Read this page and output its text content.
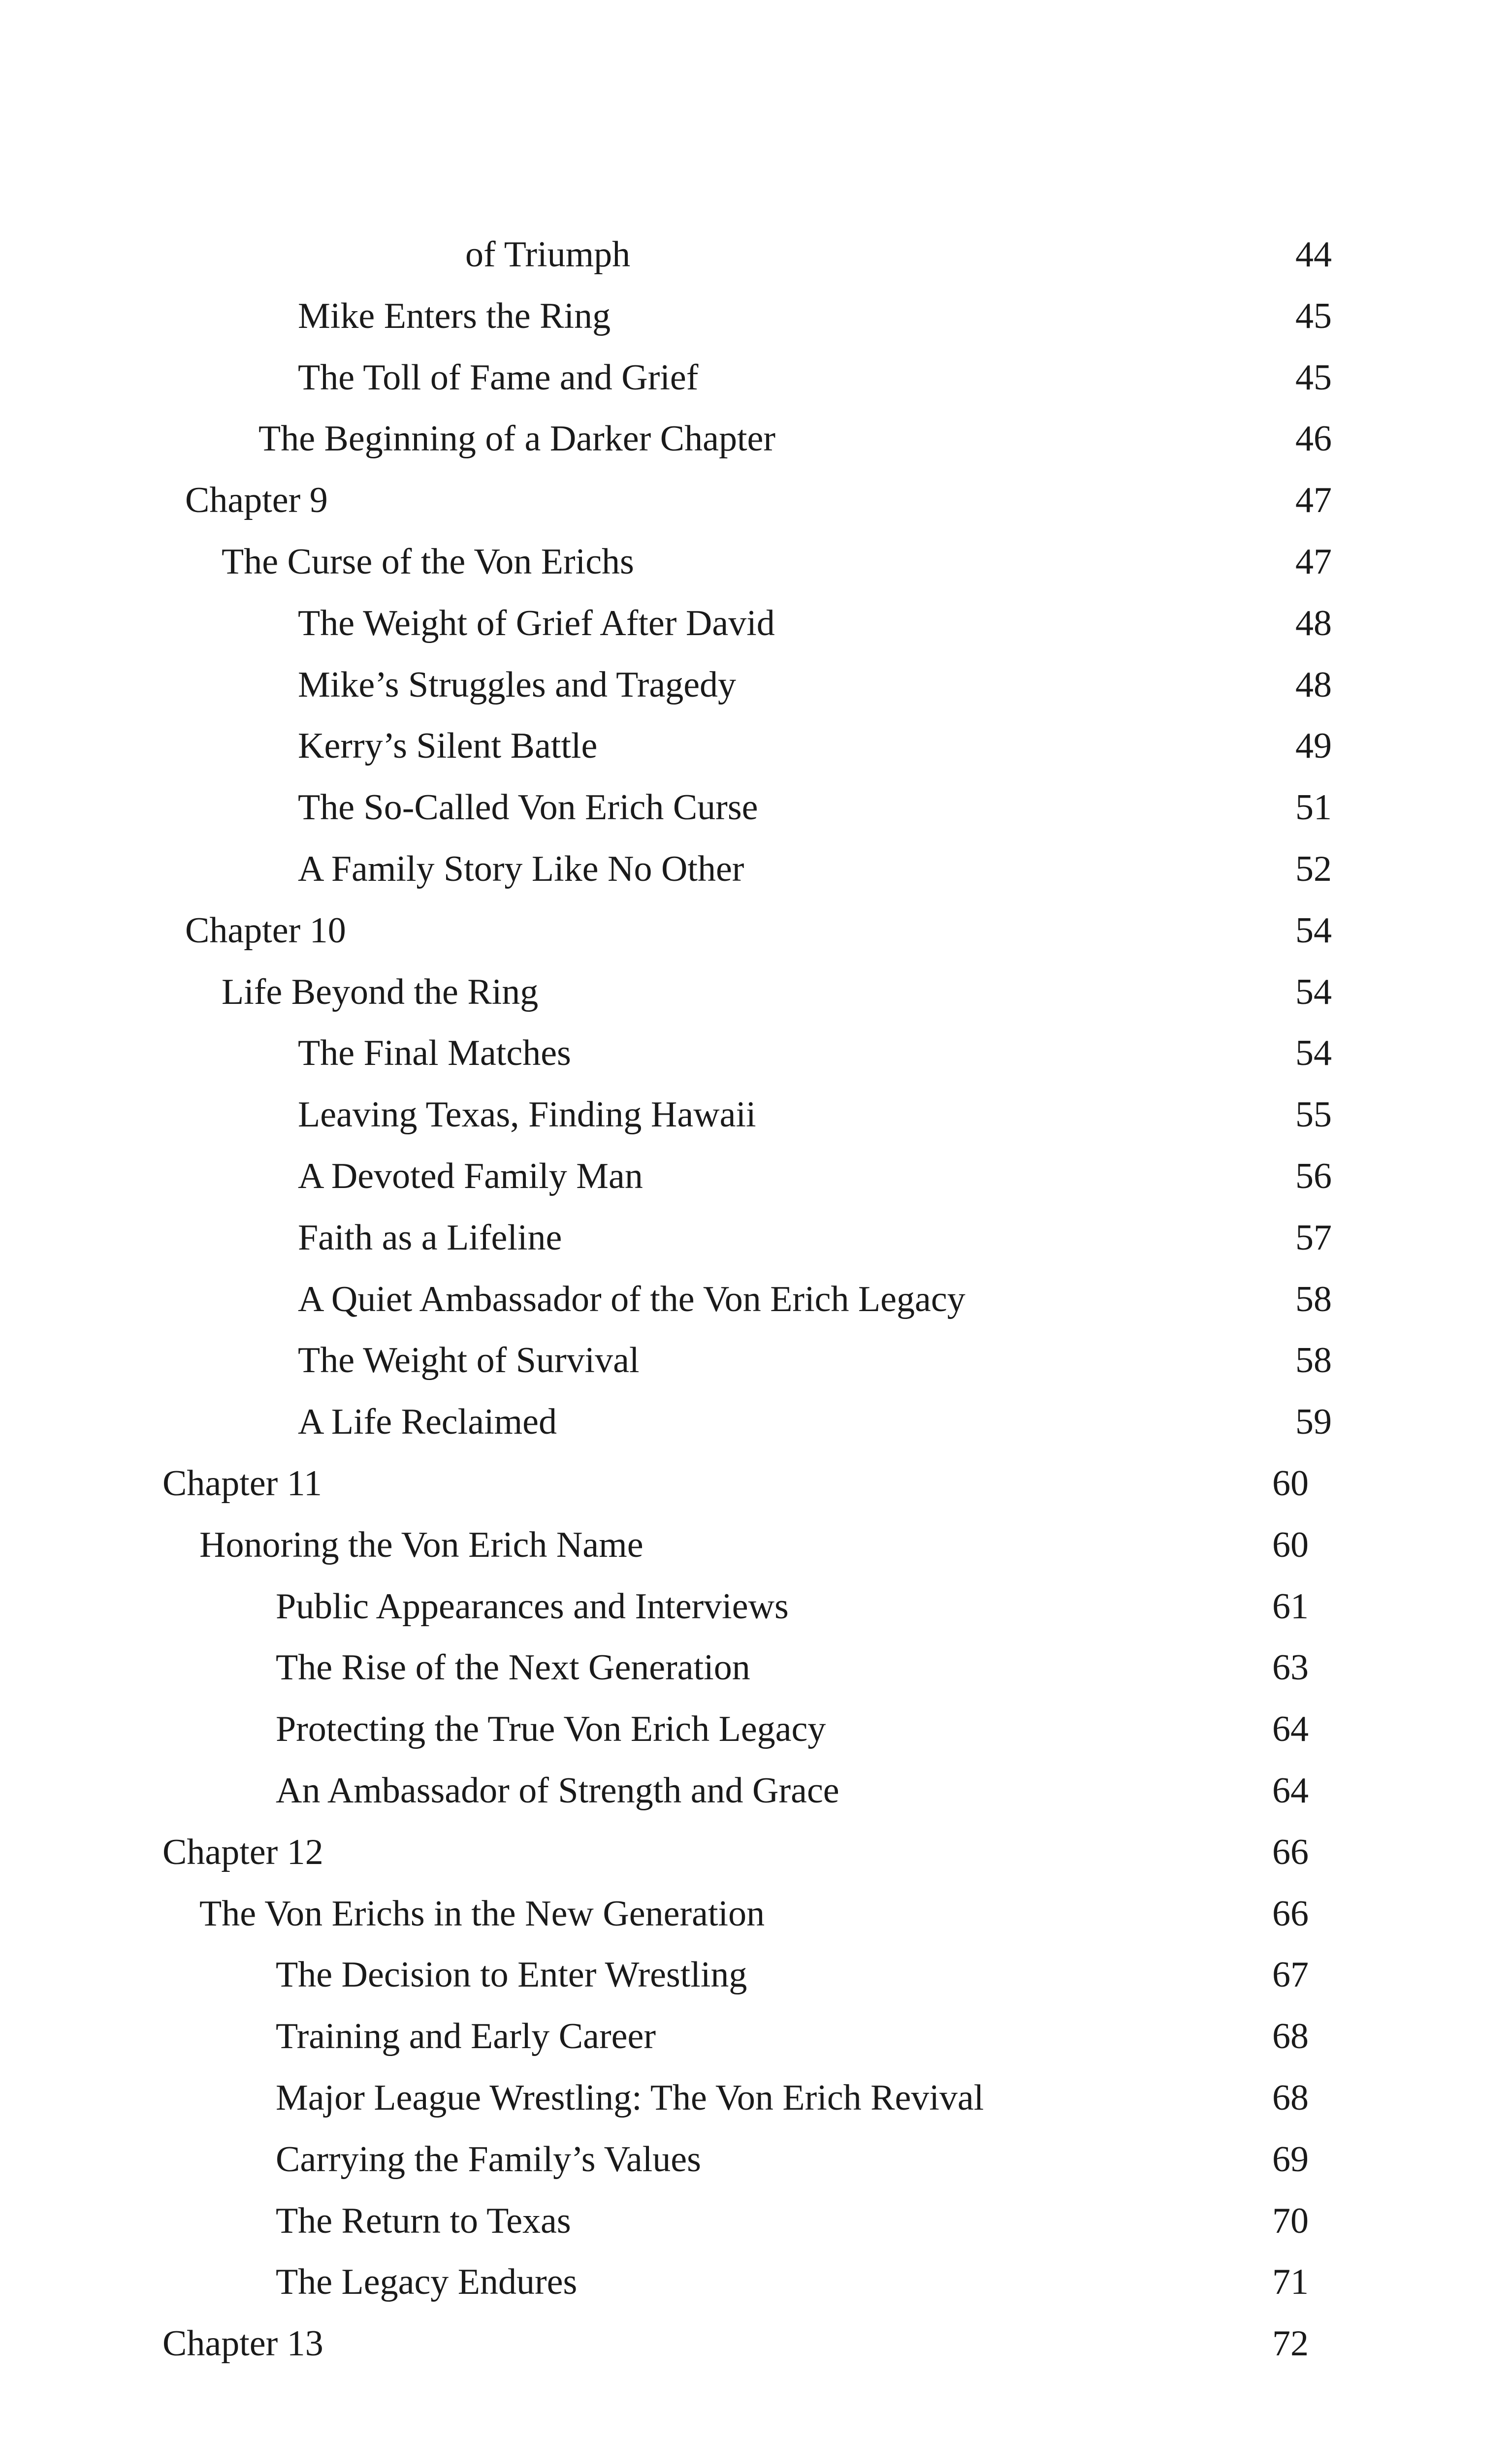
of Triumph	44
Mike Enters the Ring	45
The Toll of Fame and Grief	45
The Beginning of a Darker Chapter	46
Chapter 9	47
The Curse of the Von Erichs	47
The Weight of Grief After David	48
Mike’s Struggles and Tragedy	48
Kerry’s Silent Battle	49
The So-Called Von Erich Curse	51
A Family Story Like No Other	52
Chapter 10	54
Life Beyond the Ring	54
The Final Matches	54
Leaving Texas, Finding Hawaii	55
A Devoted Family Man	56
Faith as a Lifeline	57
A Quiet Ambassador of the Von Erich Legacy	58
The Weight of Survival	58
A Life Reclaimed	59
Chapter 11	60
Honoring the Von Erich Name	60
Public Appearances and Interviews	61
The Rise of the Next Generation	63
Protecting the True Von Erich Legacy	64
An Ambassador of Strength and Grace	64
Chapter 12	66
The Von Erichs in the New Generation	66
The Decision to Enter Wrestling	67
Training and Early Career	68
Major League Wrestling: The Von Erich Revival	68
Carrying the Family’s Values	69
The Return to Texas	70
The Legacy Endures	71
Chapter 13	72
